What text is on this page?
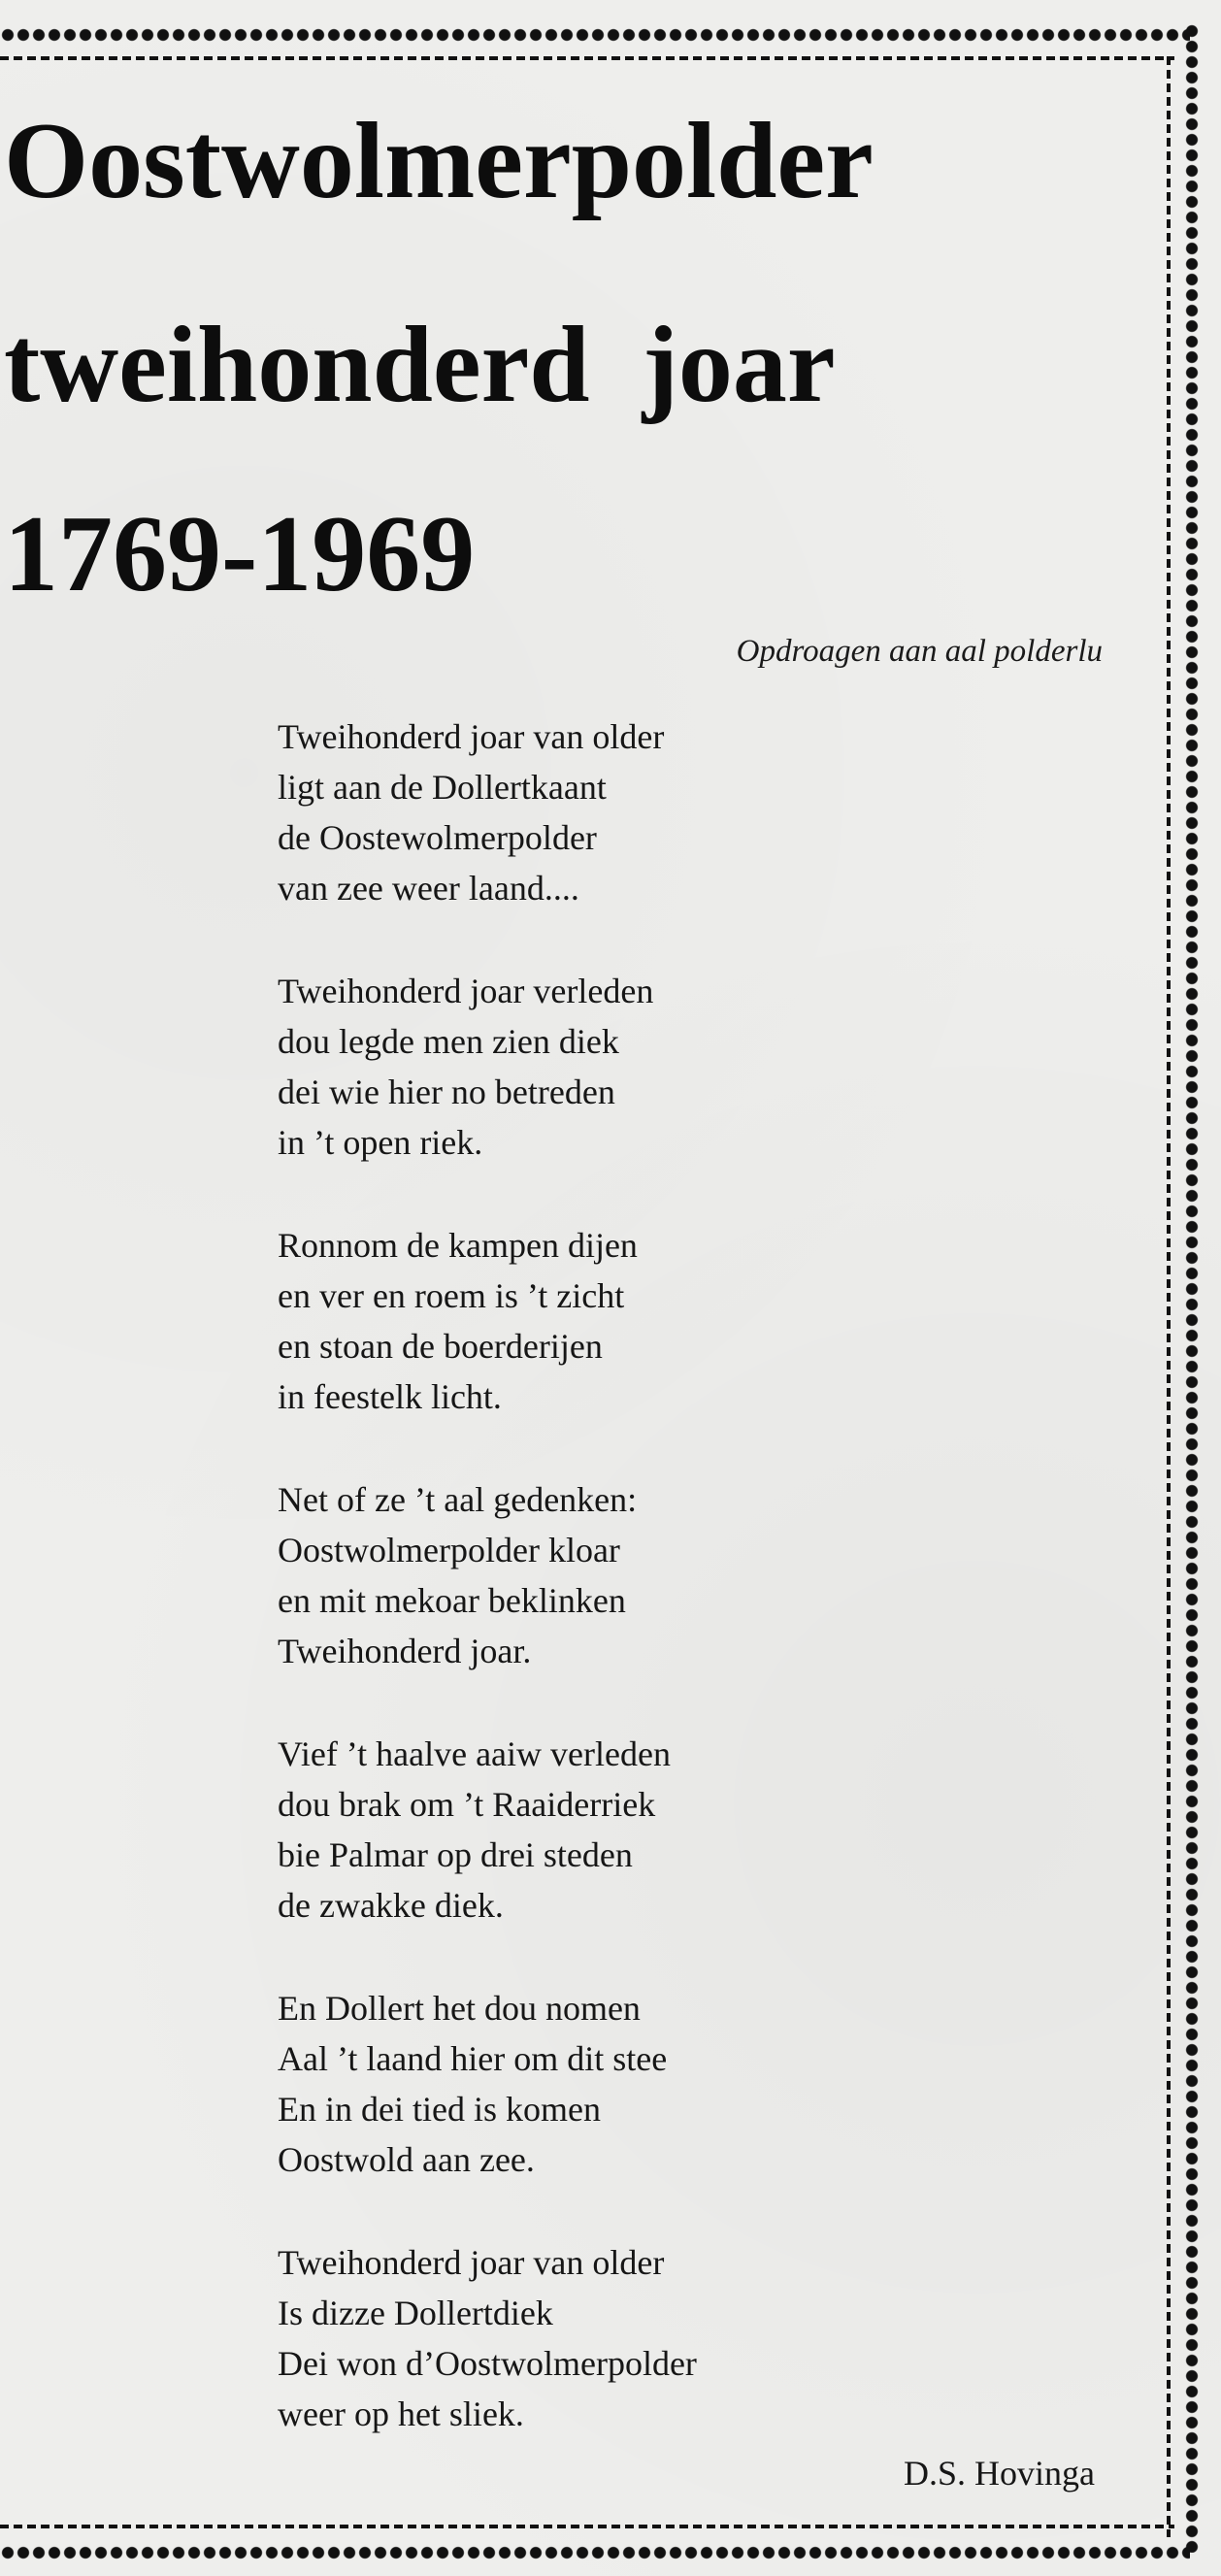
Oostwolmerpolder
tweihonderd joar
1769-1969
Opdroagen aan aal polderlu
Tweihonderd joar van older
ligt aan de Dollertkaant
de Oostewolmerpolder
van zee weer laand....
Tweihonderd joar verleden
dou legde men zien diek
dei wie hier no betreden
in ’t open riek.
Ronnom de kampen dijen
en ver en roem is ’t zicht
en stoan de boerderijen
in feestelk licht.
Net of ze ’t aal gedenken:
Oostwolmerpolder kloar
en mit mekoar beklinken
Tweihonderd joar.
Vief ’t haalve aaiw verleden
dou brak om ’t Raaiderriek
bie Palmar op drei steden
de zwakke diek.
En Dollert het dou nomen
Aal ’t laand hier om dit stee
En in dei tied is komen
Oostwold aan zee.
Tweihonderd joar van older
Is dizze Dollertdiek
Dei won d’Oostwolmerpolder
weer op het sliek.
D.S. Hovinga
